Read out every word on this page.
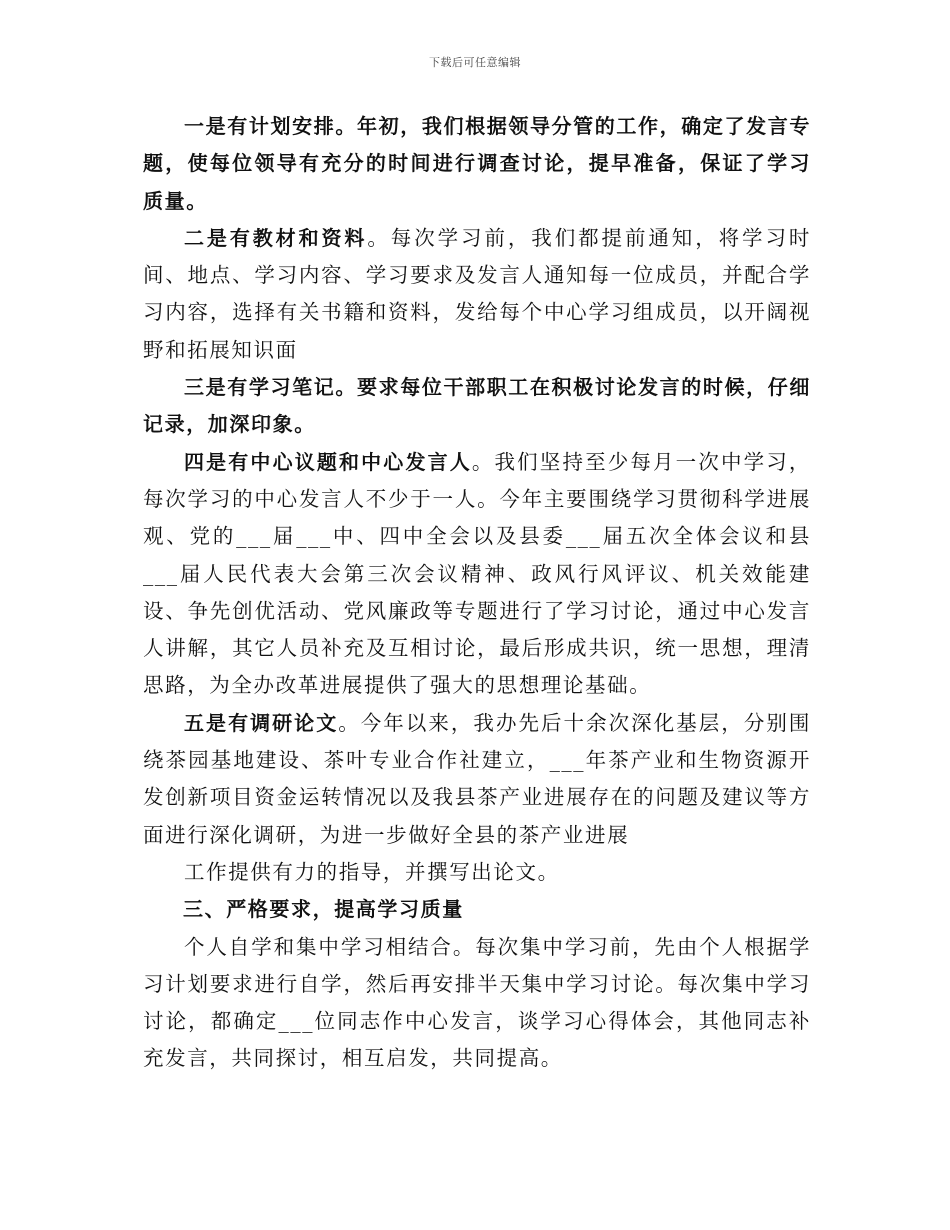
下载后可任意编辑

一是有计划安排。年初，我们根据领导分管的工作，确定了发言专题，使每位领导有充分的时间进行调查讨论，提早准备，保证了学习质量。

二是有教材和资料。每次学习前，我们都提前通知，将学习时间、地点、学习内容、学习要求及发言人通知每一位成员，并配合学习内容，选择有关书籍和资料，发给每个中心学习组成员，以开阔视野和拓展知识面

三是有学习笔记。要求每位干部职工在积极讨论发言的时候，仔细记录，加深印象。

四是有中心议题和中心发言人。我们坚持至少每月一次中学习，每次学习的中心发言人不少于一人。今年主要围绕学习贯彻科学进展观、党的___届___中、四中全会以及县委___届五次全体会议和县___届人民代表大会第三次会议精神、政风行风评议、机关效能建设、争先创优活动、党风廉政等专题进行了学习讨论，通过中心发言人讲解，其它人员补充及互相讨论，最后形成共识，统一思想，理清思路，为全办改革进展提供了强大的思想理论基础。

五是有调研论文。今年以来，我办先后十余次深化基层，分别围绕茶园基地建设、茶叶专业合作社建立，___年茶产业和生物资源开发创新项目资金运转情况以及我县茶产业进展存在的问题及建议等方面进行深化调研，为进一步做好全县的茶产业进展

工作提供有力的指导，并撰写出论文。

三、严格要求，提高学习质量

个人自学和集中学习相结合。每次集中学习前，先由个人根据学习计划要求进行自学，然后再安排半天集中学习讨论。每次集中学习讨论，都确定___位同志作中心发言，谈学习心得体会，其他同志补充发言，共同探讨，相互启发，共同提高。
